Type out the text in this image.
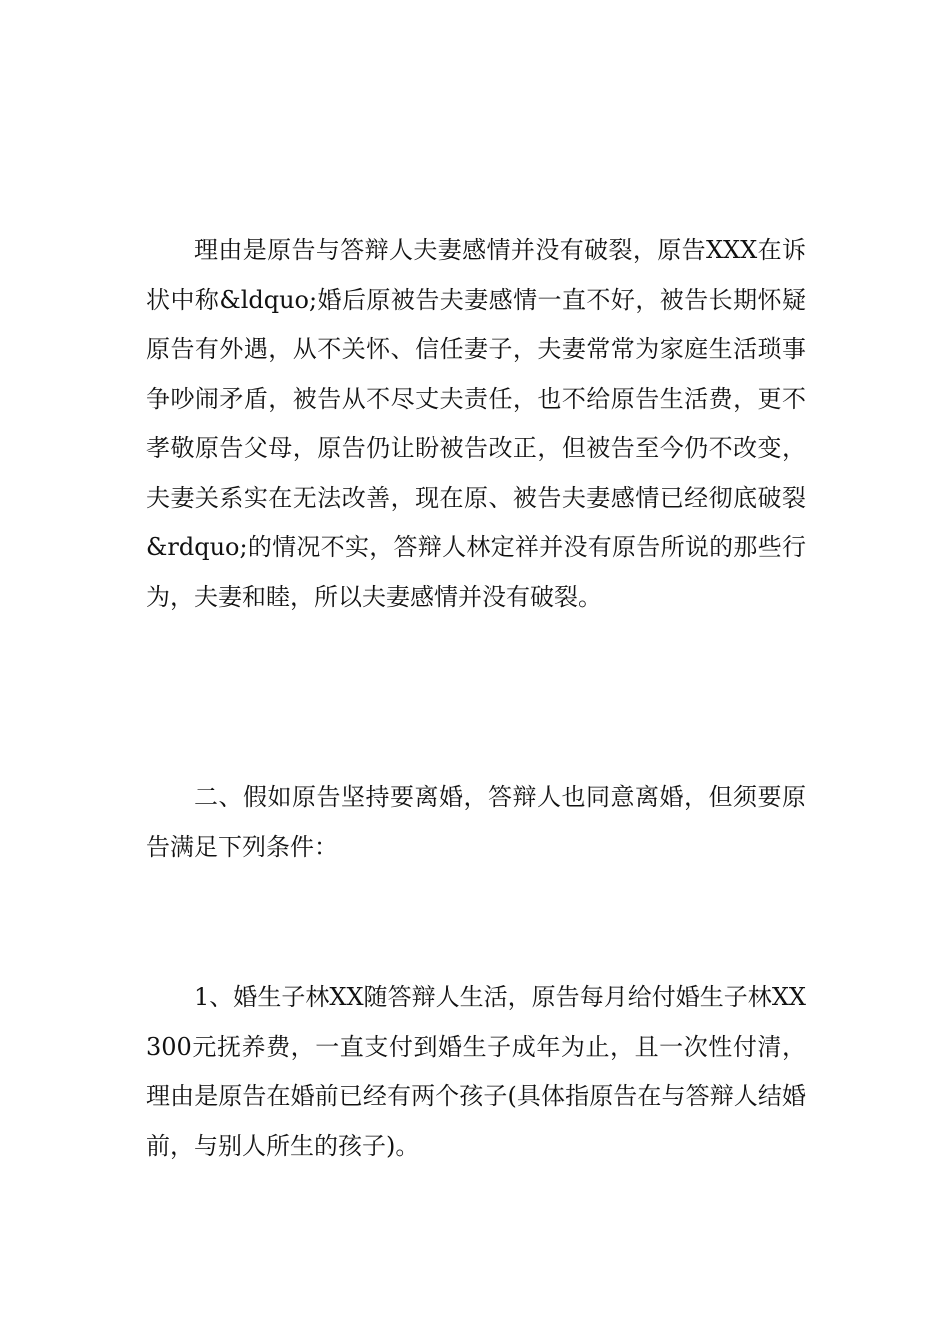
理由是原告与答辩人夫妻感情并没有破裂，原告XXX在诉状中称&ldquo;婚后原被告夫妻感情一直不好，被告长期怀疑原告有外遇，从不关怀、信任妻子，夫妻常常为家庭生活琐事争吵闹矛盾，被告从不尽丈夫责任，也不给原告生活费，更不孝敬原告父母，原告仍让盼被告改正，但被告至今仍不改变，夫妻关系实在无法改善，现在原、被告夫妻感情已经彻底破裂&rdquo;的情况不实，答辩人林定祥并没有原告所说的那些行为，夫妻和睦，所以夫妻感情并没有破裂。

二、假如原告坚持要离婚，答辩人也同意离婚，但须要原告满足下列条件：

1、婚生子林XX随答辩人生活，原告每月给付婚生子林XX300元抚养费，一直支付到婚生子成年为止，且一次性付清，理由是原告在婚前已经有两个孩子(具体指原告在与答辩人结婚前，与别人所生的孩子)。
